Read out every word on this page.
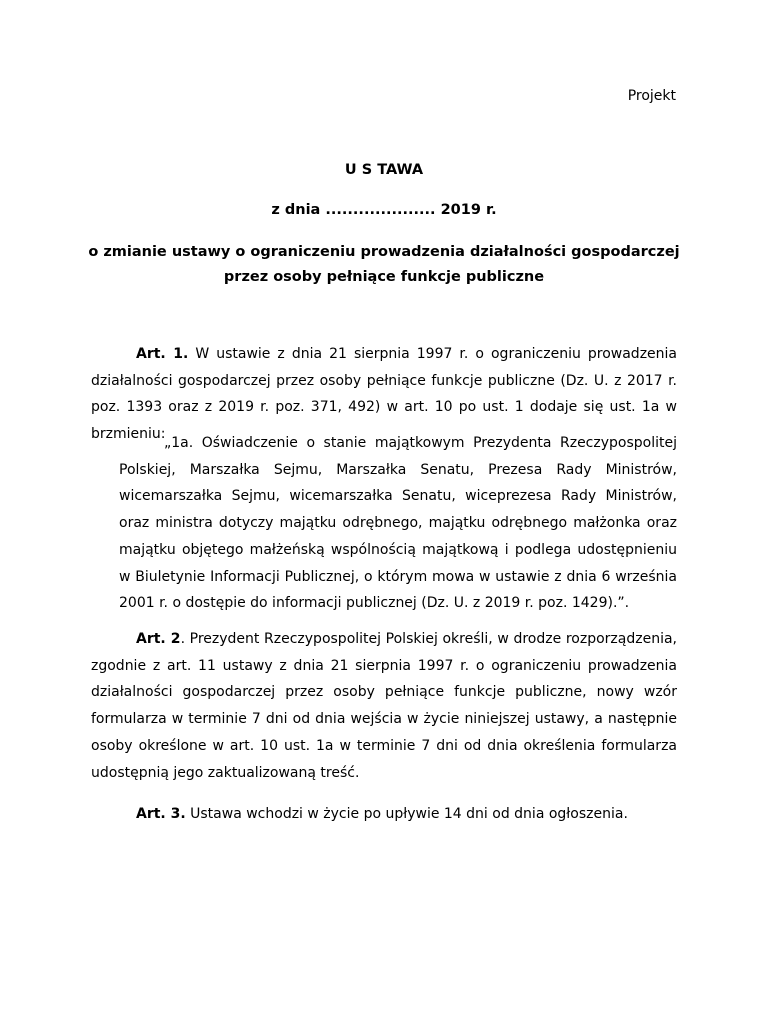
Projekt
U S TAWA
z dnia .................... 2019 r.
o zmianie ustawy o ograniczeniu prowadzenia działalności gospodarczej
przez osoby pełniące funkcje publiczne

Art. 1. W ustawie z dnia 21 sierpnia 1997 r. o ograniczeniu prowadzenia działalności gospodarczej przez osoby pełniące funkcje publiczne (Dz. U. z 2017 r. poz. 1393 oraz z 2019 r. poz. 371, 492) w art. 10 po ust. 1 dodaje się ust. 1a w brzmieniu:

„1a. Oświadczenie o stanie majątkowym Prezydenta Rzeczypospolitej Polskiej, Marszałka Sejmu, Marszałka Senatu, Prezesa Rady Ministrów, wicemarszałka Sejmu, wicemarszałka Senatu, wiceprezesa Rady Ministrów, oraz ministra dotyczy majątku odrębnego, majątku odrębnego małżonka oraz majątku objętego małżeńską wspólnością majątkową i podlega udostępnieniu w Biuletynie Informacji Publicznej, o którym mowa w ustawie z dnia 6 września 2001 r. o dostępie do informacji publicznej (Dz. U. z 2019 r. poz. 1429).”.

Art. 2. Prezydent Rzeczypospolitej Polskiej określi, w drodze rozporządzenia, zgodnie z art. 11 ustawy z dnia 21 sierpnia 1997 r. o ograniczeniu prowadzenia działalności gospodarczej przez osoby pełniące funkcje publiczne, nowy wzór formularza w terminie 7 dni od dnia wejścia w życie niniejszej ustawy, a następnie osoby określone w art. 10 ust. 1a w terminie 7 dni od dnia określenia formularza udostępnią jego zaktualizowaną treść.

Art. 3. Ustawa wchodzi w życie po upływie 14 dni od dnia ogłoszenia.
